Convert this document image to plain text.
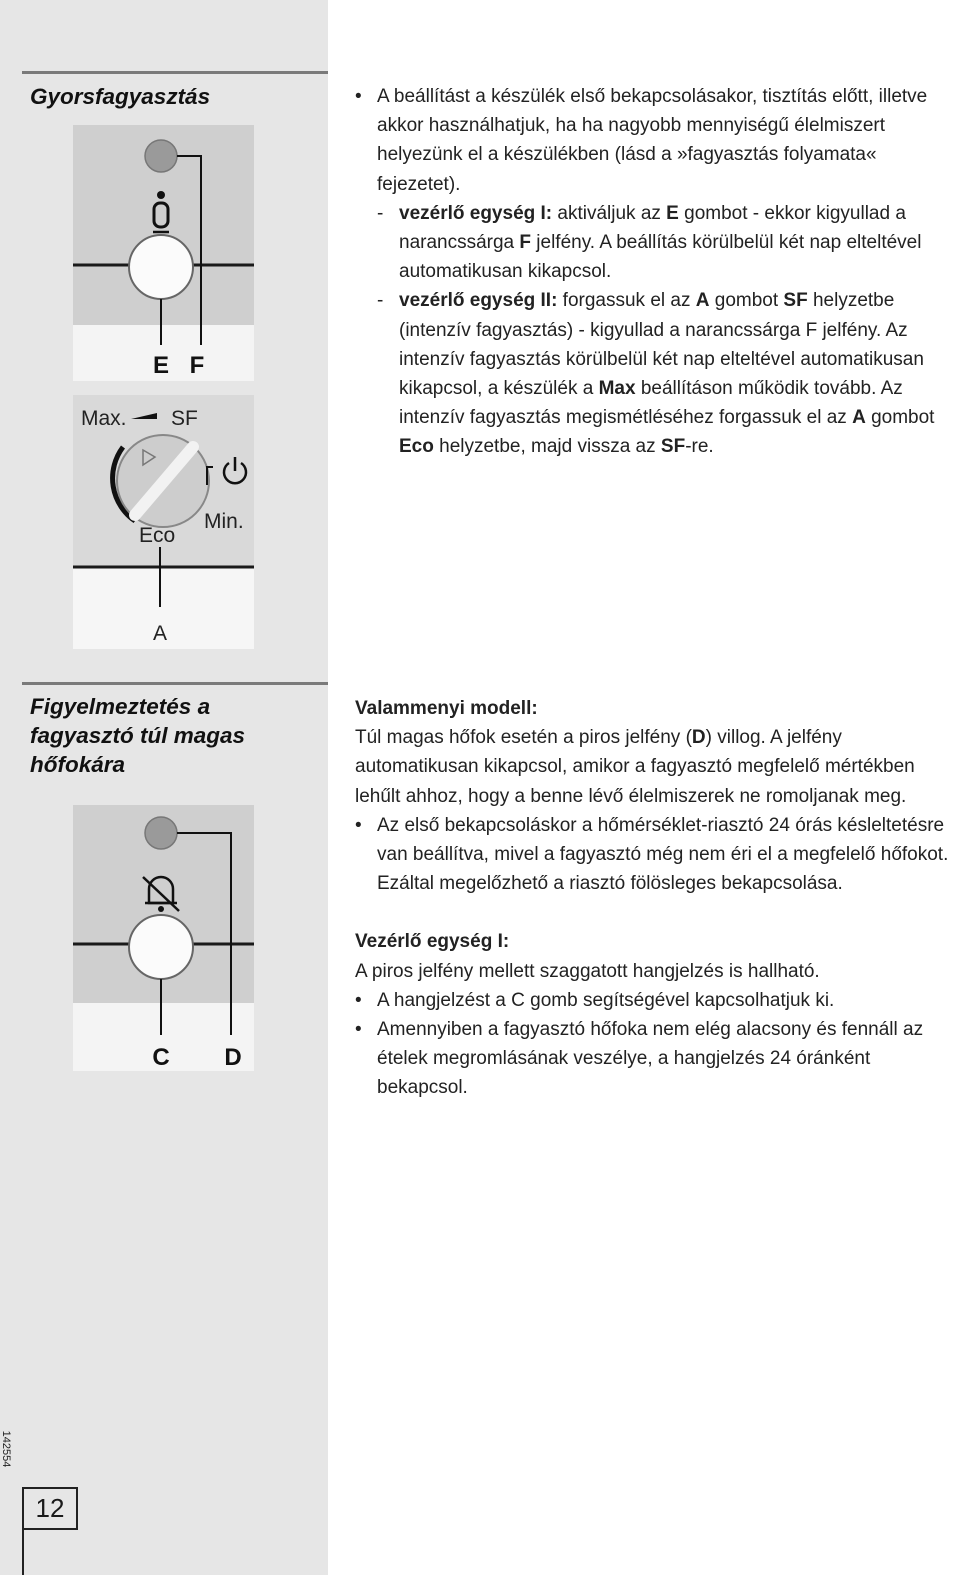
Gyorsfagyasztás	• A beállítást a készülék első bekapcsolásakor, tisztítás előtt, illetve akkor használhatjuk, ha ha nagyobb mennyiségű élelmiszert helyezünk el a készülékben (lásd a »fagyasztás folyamata« fejezetet).

- vezérlő egység I: aktiváljuk az E gombot - ekkor kigyullad a narancssárga F jelfény. A beállítás körülbelül két nap elteltével automatikusan kikapcsol.

- vezérlő egység II: forgassuk el az A gombot SF helyzetbe (intenzív fagyasztás) - kigyullad a narancssárga F jelfény. Az intenzív fagyasztás körülbelül két nap elteltével automatikusan kikapcsol, a készülék a Max beállításon működik tovább. Az intenzív fagyasztás megismétléséhez forgassuk el az A gombot Eco helyzetbe, majd vissza az SF-re.

E F
Max. SF
Eco
Min.
A
Figyelmeztetés a
fagyasztó túl magas
hőfokára

Valammenyi modell:

Túl magas hőfok esetén a piros jelfény (D) villog. A jelfény automatikusan kikapcsol, amikor a fagyasztó megfelelő mértékben lehűlt ahhoz, hogy a benne lévő élelmiszerek ne romoljanak meg.

• Az első bekapcsoláskor a hőmérséklet-riasztó 24 órás késleltetésre van beállítva, mivel a fagyasztó még nem éri el a megfelelő hőfokot. Ezáltal megelőzhető a riasztó fölösleges bekapcsolása.

Vezérlő egység I:

A piros jelfény mellett szaggatott hangjelzés is hallható.

• A hangjelzést a C gomb segítségével kapcsolhatjuk ki.

• Amennyiben a fagyasztó hőfoka nem elég alacsony és fennáll az ételek megromlásának veszélye, a hangjelzés 24 óránként bekapcsol.

C D
142554
12
